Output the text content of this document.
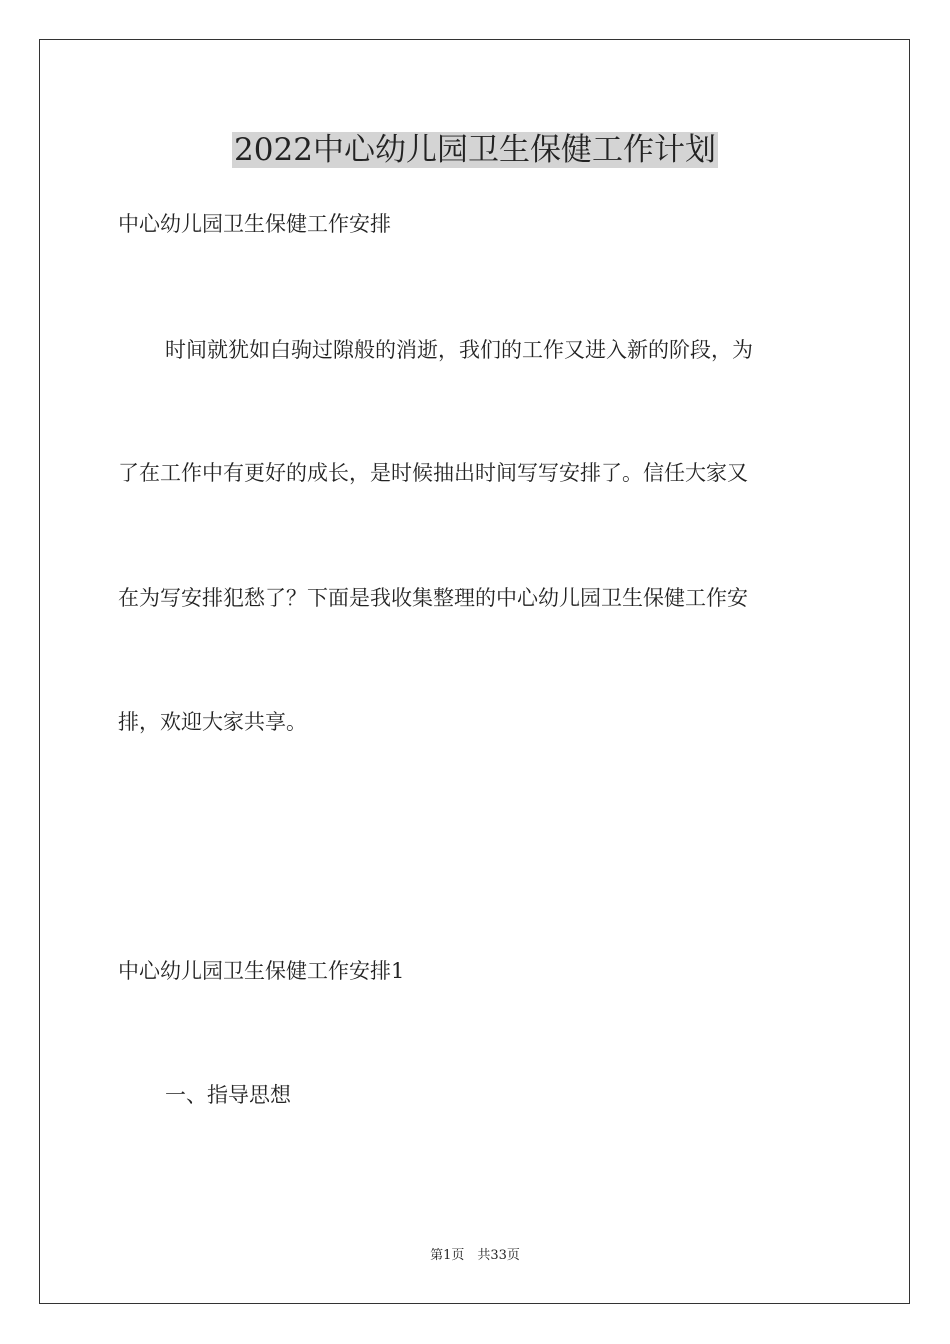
2022中心幼儿园卫生保健工作计划

中心幼儿园卫生保健工作安排

时间就犹如白驹过隙般的消逝，我们的工作又进入新的阶段，为

了在工作中有更好的成长，是时候抽出时间写写安排了。信任大家又

在为写安排犯愁了？下面是我收集整理的中心幼儿园卫生保健工作安

排，欢迎大家共享。

中心幼儿园卫生保健工作安排1

一、指导思想

第1页　共33页
